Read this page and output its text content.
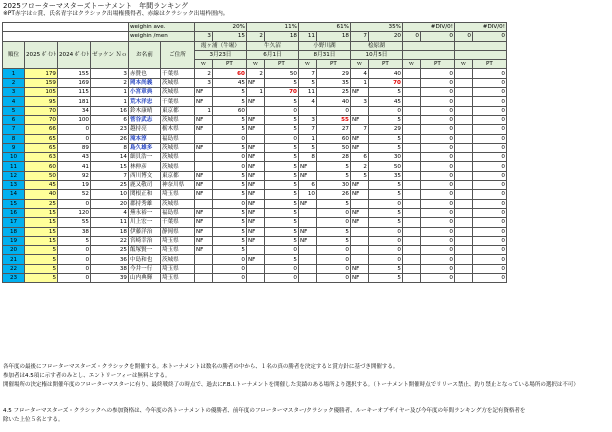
2025フローターマスターズトーナメント　年間ランキング
※PT赤字は☆賞、氏名青字はクラシック出場権獲得者、赤線はクラシック出場枠圏内。
				weighin ave.		20%		11%		61%		35%		#DIV/0!		#DIV/0!	
				weighin /men		3	15	2	18	11	18	7	20	0	0	0	0
順位	2025 ﾎﾟｲﾝﾄ	2024 ﾎﾟｲﾝﾄ	ゼッケン Ｎｏ	お名前	ご住所	霞ヶ浦（牛堀）		牛久沼		小野川湖		桧原湖					
						3月23日		6月1日		8月31日		10月5日					
						ｗ	PT	ｗ	PT	ｗ	PT	ｗ	PT	ｗ	PT	ｗ	PT
1	179	155	3	赤贊也	千葉県	2	60	2	50	7	29	4	40		0		0
2	159	169	2	岡本尚義	茨城県	3	45	NF	5	5	35	1	70		0		0
3	105	115	1	小宮章典	茨城県	NF	5	1	70	11	25	NF	5		0		0
4	95	181	1	荒木洋忠	千葉県	NF	5	NF	5	4	40	3	45		0		0
5	70	34	16	鈴木康晴	東京都	1	60		0		0		0		0		0
6	70	100	6	菅谷武志	茨城県	NF	5	NF	5	3	55	NF	5		0		0
7	66	0	23	越持亮	栃木県	NF	5	NF	5	7	27	7	29		0		0
8	65	0	26	滝本淳	福島県		0		0	1	60	NF	5		0		0
9	65	89	8	島久雄多	茨城県	NF	5	NF	5	5	50	NF	5		0		0
10	63	43	14	細貝浩一	茨城県		0	NF	5	8	28	6	30		0		0
11	60	41	15	林伸彦	茨城県		0	NF	5	NF	5	2	50		0		0
12	50	92	7	西川博文	東京都	NF	5	NF	5	NF	5	5	35		0		0
13	45	19	25	鹿又敬司	神奈川県	NF	5	NF	5	6	30	NF	5		0		0
14	40	52	10	関根正和	埼玉県	NF	5	NF	5	10	26	NF	5		0		0
15	25	0	20	郡持秀雄	茨城県		0	NF	5	NF	5		0		0		0
16	15	120	4	蕪永裕一	福島県	NF	5	NF	5		0	NF	5		0		0
17	15	55	11	川上宏一	千葉県	NF	5	NF	5		0	NF	5		0		0
18	15	38	18	伊藤洋治	静岡県	NF	5	NF	5	NF	5		0		0		0
19	15	5	22	宮崎幸治	埼玉県	NF	5	NF	5	NF	5		0		0		0
20	5	0	25	飯塚賢一	埼玉県	NF	5		0		0		0		0		0
21	5	0	36	中島和也	茨城県		0	NF	5		0		0		0		0
22	5	0	38	今井一行	埼玉県		0		0		0	NF	5		0		0
23	5	0	39	山内典輝	埼玉県		0		0		0	NF	5		0		0
各年度の最後にフローターマスターズ・クラシックを開催する。本トーナメントは数名の勝者の中から、１名の真の勝者を決定すると賞方針に基づき開催する。
参加者は4.5項に示す者のみとし、エントリーフィーは無料とする。
開催場所の決定権は開催年度のフローターマスターに有り、最終戦終了の時点で、過去にF.B.I.トーナメントを開催した実績のある場所より選択する。（トーナメント開催時点でリリース禁止、釣り禁止となっている場所の選択は不可）
4.5 フローターマスターズ・クラシックへの参加資格は、今年度の各トーナメントの優勝者、前年度のフローターマスター/クラシック優勝者、ルーキーオブザイヤー及び今年度の年間ランキング方を記有資格者を
除いた上位５名とする。
